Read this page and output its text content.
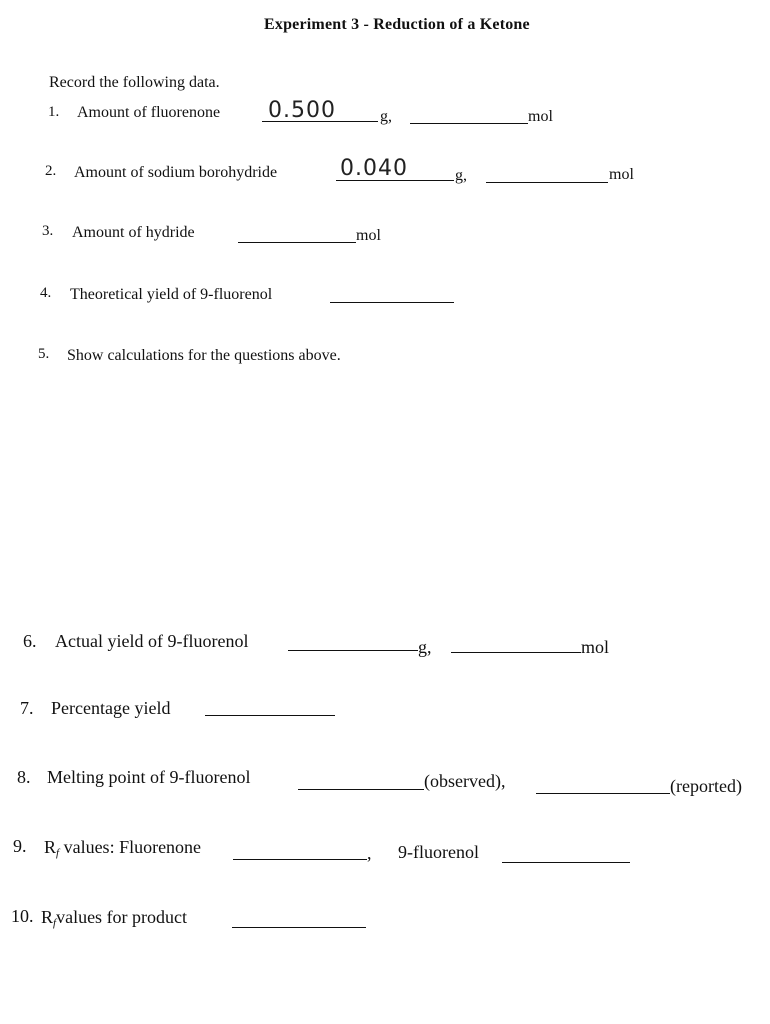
Experiment 3 - Reduction of a Ketone
Record the following data.
1. Amount of fluorenone 0.500	g,	mol
2. Amount of sodium borohydride	0.040	g,	mol
3. Amount of hydride	mol
4. Theoretical yield of 9-fluorenol
5. Show calculations for the questions above.
6. Actual yield of 9-fluorenol	g,	mol
7. Percentage yield
8. Melting point of 9-fluorenol	(observed),	(reported)
9. $R_f$ values: Fluorenone	, 9-fluorenol
10. $R_fvalues$ for product
